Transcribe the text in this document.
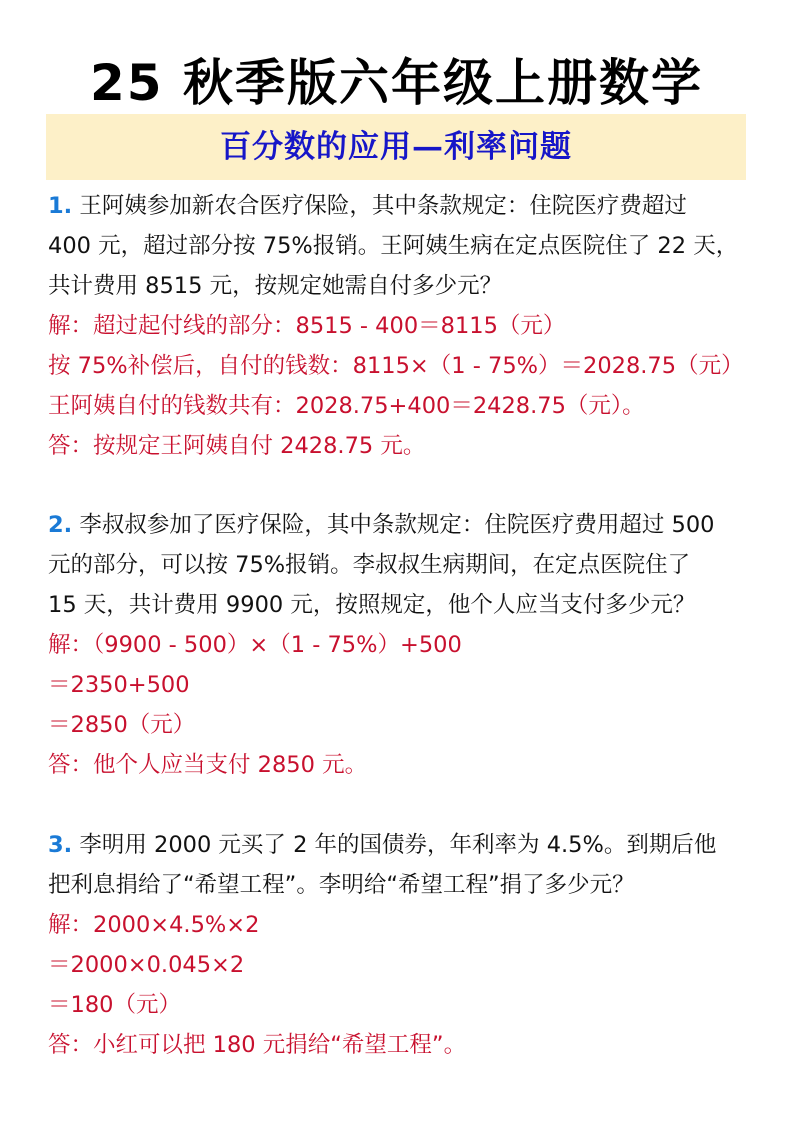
25 秋季版六年级上册数学
百分数的应用—利率问题
1. 王阿姨参加新农合医疗保险，其中条款规定：住院医疗费超过
400 元，超过部分按 75%报销。王阿姨生病在定点医院住了 22 天，
共计费用 8515 元，按规定她需自付多少元？
解：超过起付线的部分：8515 - 400＝8115（元）
按 75%补偿后，自付的钱数：8115×（1 - 75%）＝2028.75（元）
王阿姨自付的钱数共有：2028.75+400＝2428.75（元）。
答：按规定王阿姨自付 2428.75 元。
2. 李叔叔参加了医疗保险，其中条款规定：住院医疗费用超过 500
元的部分，可以按 75%报销。李叔叔生病期间，在定点医院住了
15 天，共计费用 9900 元，按照规定，他个人应当支付多少元？
解：（9900 - 500）×（1 - 75%）+500
＝2350+500
＝2850（元）
答：他个人应当支付 2850 元。
3. 李明用 2000 元买了 2 年的国债券，年利率为 4.5%。到期后他
把利息捐给了“希望工程”。李明给“希望工程”捐了多少元？
解：2000×4.5%×2
＝2000×0.045×2
＝180（元）
答：小红可以把 180 元捐给“希望工程”。
